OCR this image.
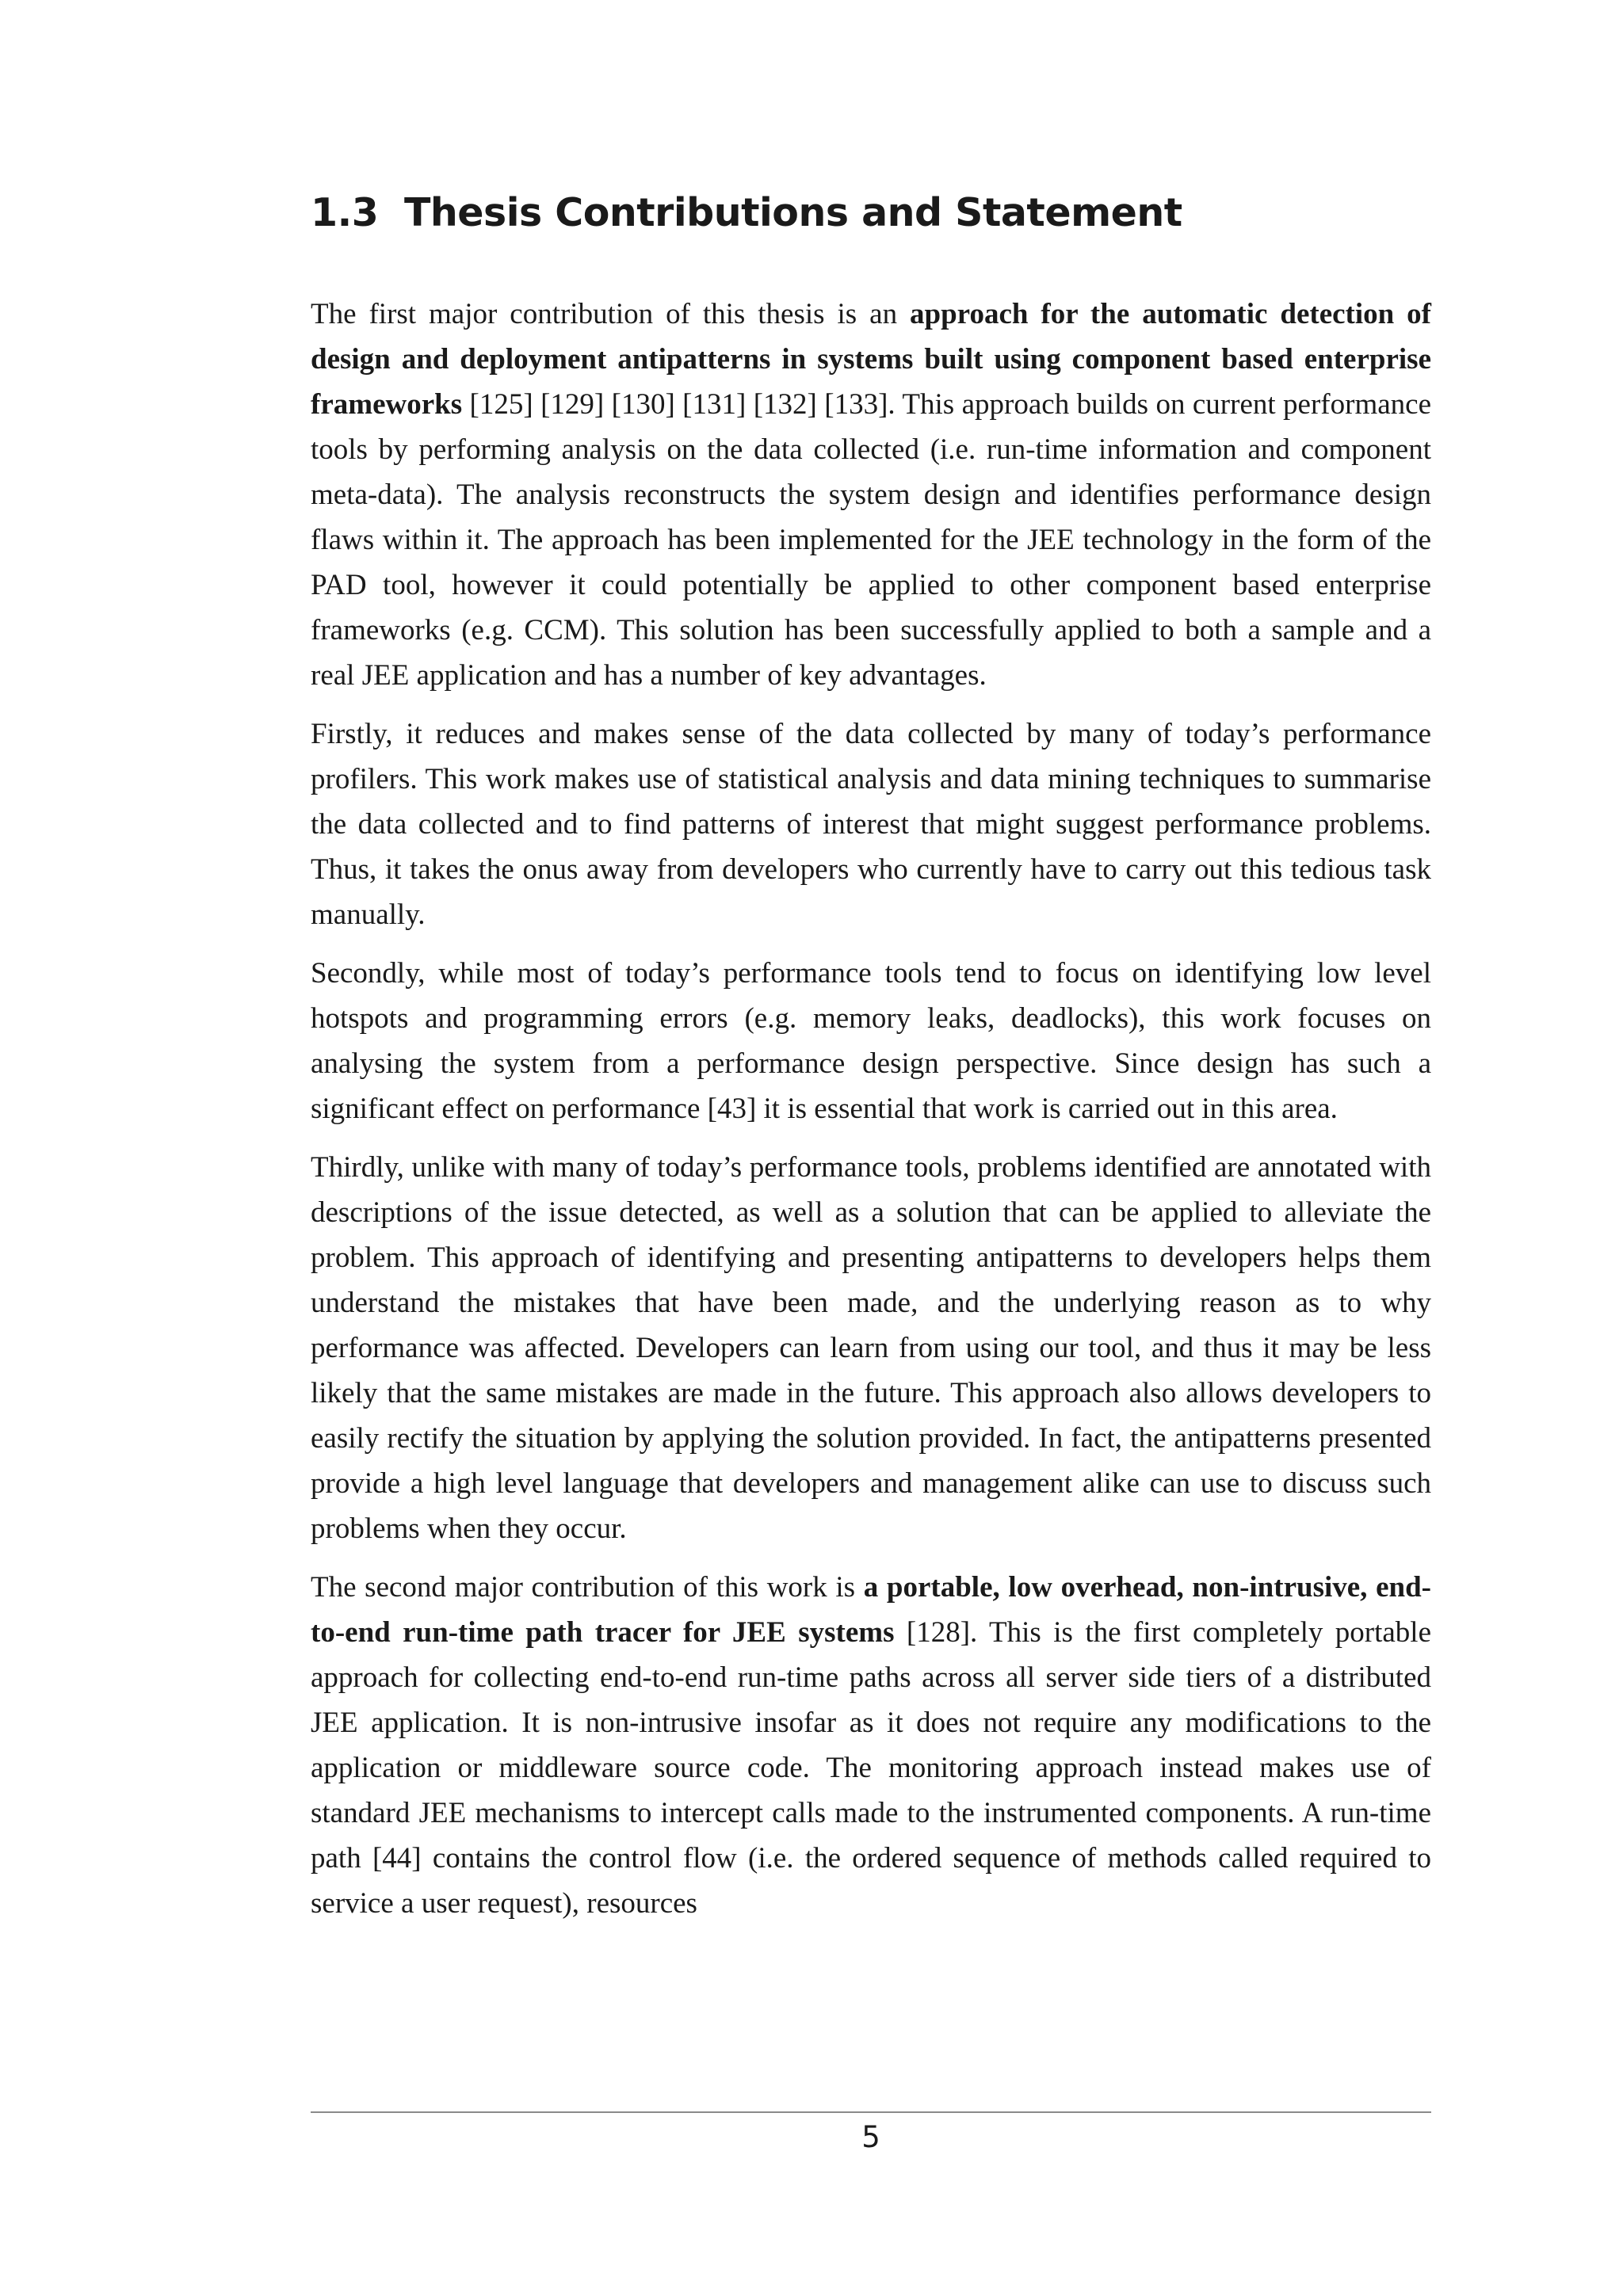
1.3 Thesis Contributions and Statement

The first major contribution of this thesis is an approach for the automatic detection of design and deployment antipatterns in systems built using component based enterprise frameworks [125] [129] [130] [131] [132] [133]. This approach builds on current performance tools by performing analysis on the data collected (i.e. run-time information and component meta-data). The analysis reconstructs the system design and identifies performance design flaws within it. The approach has been implemented for the JEE technology in the form of the PAD tool, however it could potentially be applied to other component based enterprise frameworks (e.g. CCM). This solution has been successfully applied to both a sample and a real JEE application and has a number of key advantages.

Firstly, it reduces and makes sense of the data collected by many of today’s performance profilers. This work makes use of statistical analysis and data mining techniques to summarise the data collected and to find patterns of interest that might suggest performance problems. Thus, it takes the onus away from developers who currently have to carry out this tedious task manually.

Secondly, while most of today’s performance tools tend to focus on identifying low level hotspots and programming errors (e.g. memory leaks, deadlocks), this work focuses on analysing the system from a performance design perspective. Since design has such a significant effect on performance [43] it is essential that work is carried out in this area.

Thirdly, unlike with many of today’s performance tools, problems identified are annotated with descriptions of the issue detected, as well as a solution that can be applied to alleviate the problem. This approach of identifying and presenting antipatterns to developers helps them understand the mistakes that have been made, and the underlying reason as to why performance was affected. Developers can learn from using our tool, and thus it may be less likely that the same mistakes are made in the future. This approach also allows developers to easily rectify the situation by applying the solution provided. In fact, the antipatterns presented provide a high level language that developers and management alike can use to discuss such problems when they occur.

The second major contribution of this work is a portable, low overhead, non-intrusive, end-to-end run-time path tracer for JEE systems [128]. This is the first completely portable approach for collecting end-to-end run-time paths across all server side tiers of a distributed JEE application. It is non-intrusive insofar as it does not require any modifications to the application or middleware source code. The monitoring approach instead makes use of standard JEE mechanisms to intercept calls made to the instrumented components. A run-time path [44] contains the control flow (i.e. the ordered sequence of methods called required to service a user request), resources

5
